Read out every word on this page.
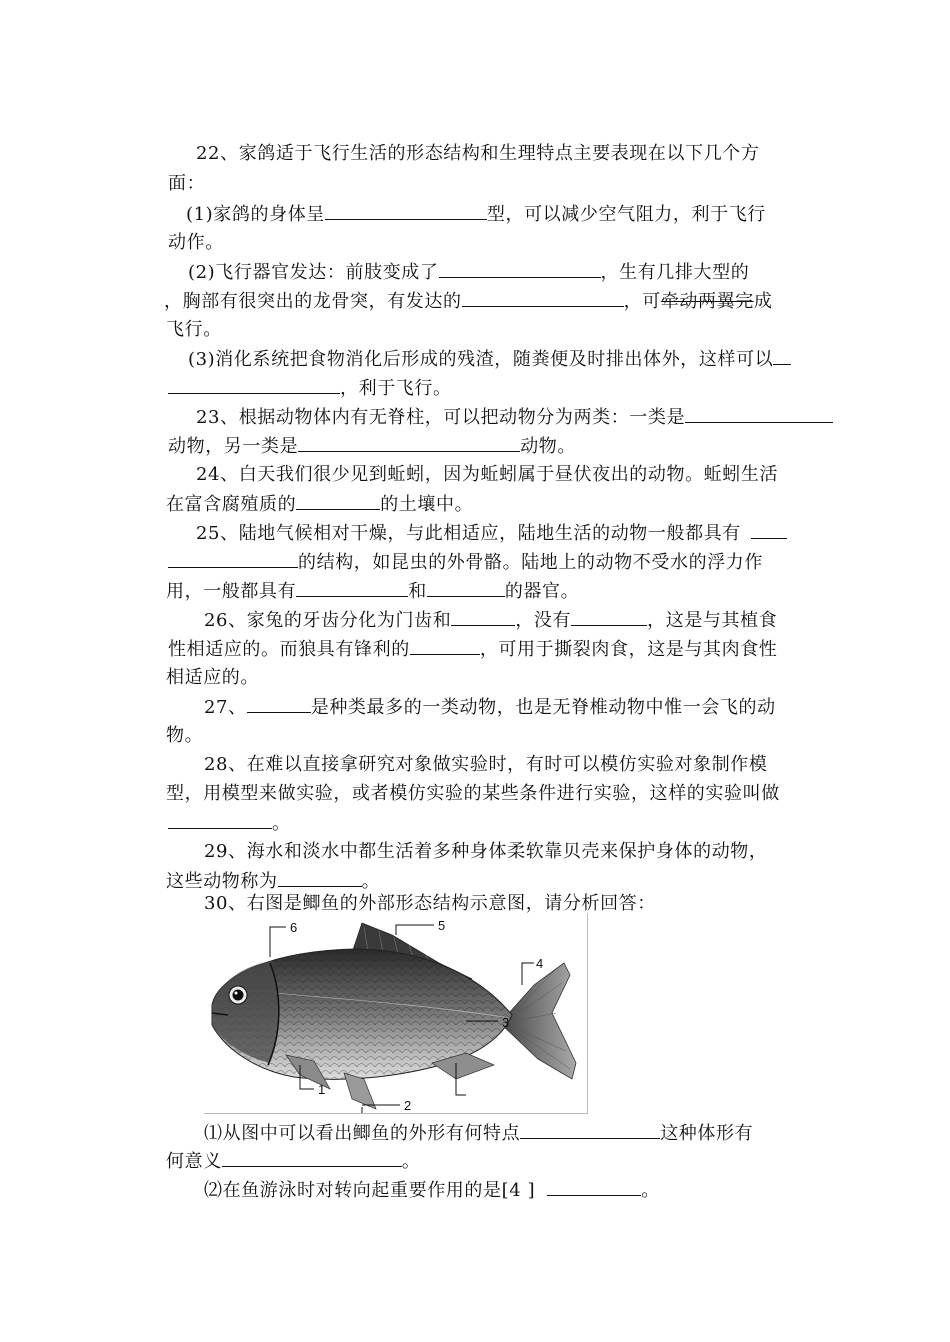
22、家鸽适于飞行生活的形态结构和生理特点主要表现在以下几个方
面：
(1)家鸽的身体呈	型，可以减少空气阻力，利于飞行
动作。
(2)飞行器官发达：前肢变成了	，生有几排大型的
，胸部有很突出的龙骨突，有发达的	，可牵动两翼完成
飞行。
(3)消化系统把食物消化后形成的残渣，随粪便及时排出体外，这样可以
，利于飞行。
23、根据动物体内有无脊柱，可以把动物分为两类：一类是
动物，另一类是	动物。
24、白天我们很少见到蚯蚓，因为蚯蚓属于昼伏夜出的动物。蚯蚓生活
在富含腐殖质的	的土壤中。
25、陆地气候相对干燥，与此相适应，陆地生活的动物一般都具有
的结构，如昆虫的外骨骼。陆地上的动物不受水的浮力作
用，一般都具有	和	的器官。
26、家兔的牙齿分化为门齿和	，没有	，这是与其植食
性相适应的。而狼具有锋利的	，可用于撕裂肉食，这是与其肉食性
相适应的。
27、	是种类最多的一类动物，也是无脊椎动物中惟一会飞的动
物。
28、在难以直接拿研究对象做实验时，有时可以模仿实验对象制作模
型，用模型来做实验，或者模仿实验的某些条件进行实验，这样的实验叫做
。
29、海水和淡水中都生活着多种身体柔软靠贝壳来保护身体的动物，
这些动物称为	。
30、右图是鲫鱼的外部形态结构示意图，请分析回答：
6	5
4
3
2
1
⑴从图中可以看出鲫鱼的外形有何特点	这种体形有
何意义	。
⑵在鱼游泳时对转向起重要作用的是[4 ]	。
